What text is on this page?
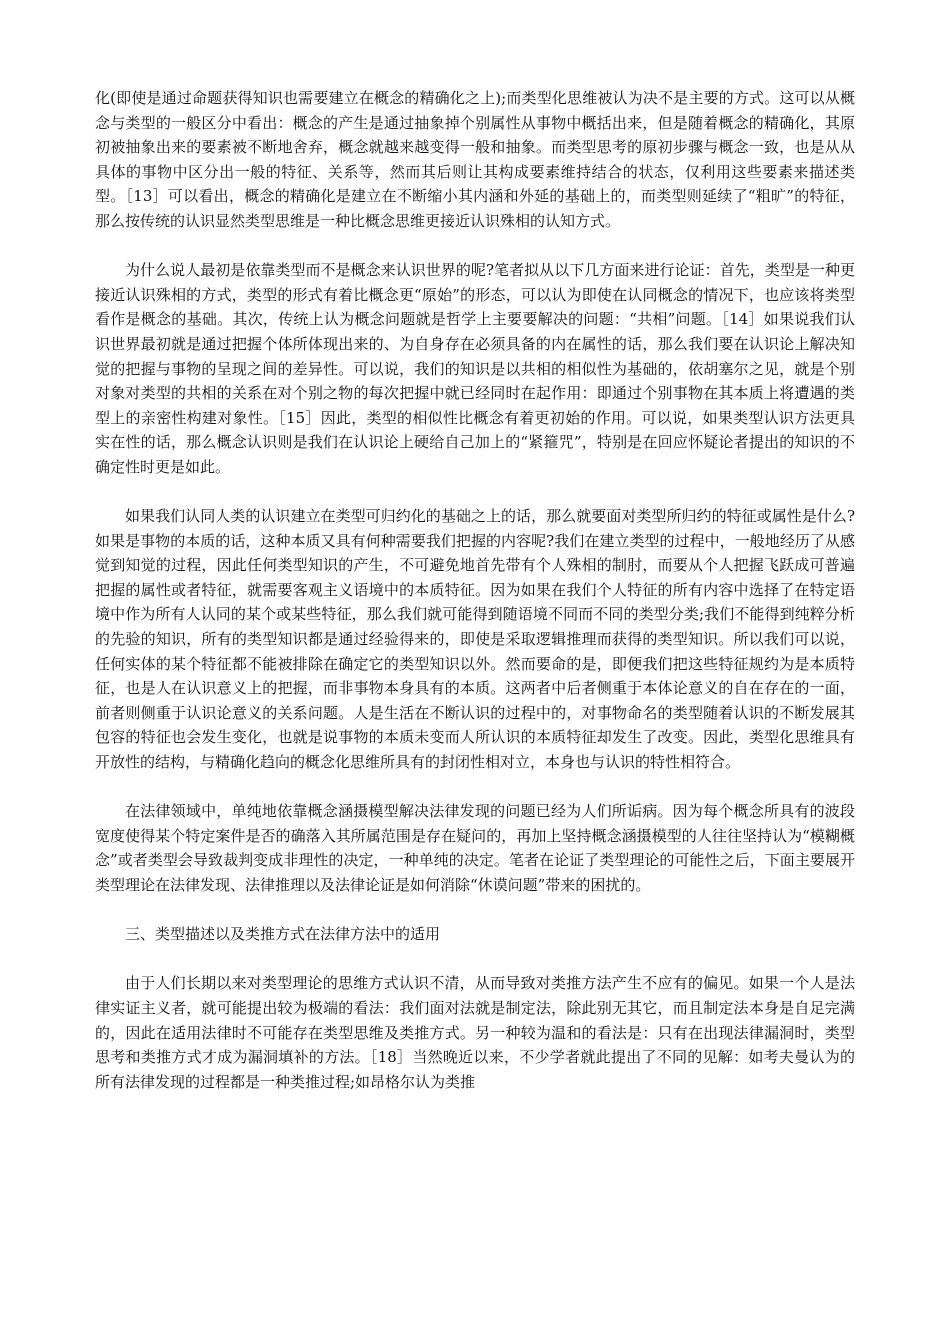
化(即使是通过命题获得知识也需要建立在概念的精确化之上);而类型化思维被认为决不是主要的方式。这可以从概念与类型的一般区分中看出：概念的产生是通过抽象掉个别属性从事物中概括出来，但是随着概念的精确化，其原初被抽象出来的要素被不断地舍弃，概念就越来越变得一般和抽象。而类型思考的原初步骤与概念一致，也是从从具体的事物中区分出一般的特征、关系等，然而其后则让其构成要素维持结合的状态，仅利用这些要素来描述类型。［13］可以看出，概念的精确化是建立在不断缩小其内涵和外延的基础上的，而类型则延续了“粗旷”的特征，那么按传统的认识显然类型思维是一种比概念思维更接近认识殊相的认知方式。

为什么说人最初是依靠类型而不是概念来认识世界的呢?笔者拟从以下几方面来进行论证：首先，类型是一种更接近认识殊相的方式，类型的形式有着比概念更“原始”的形态，可以认为即使在认同概念的情况下，也应该将类型看作是概念的基础。其次，传统上认为概念问题就是哲学上主要要解决的问题：“共相”问题。［14］如果说我们认识世界最初就是通过把握个体所体现出来的、为自身存在必须具备的内在属性的话，那么我们要在认识论上解决知觉的把握与事物的呈现之间的差异性。可以说，我们的知识是以共相的相似性为基础的，依胡塞尔之见，就是个别对象对类型的共相的关系在对个别之物的每次把握中就已经同时在起作用：即通过个别事物在其本质上将遭遇的类型上的亲密性构建对象性。［15］因此，类型的相似性比概念有着更初始的作用。可以说，如果类型认识方法更具实在性的话，那么概念认识则是我们在认识论上硬给自己加上的“紧箍咒”，特别是在回应怀疑论者提出的知识的不确定性时更是如此。

如果我们认同人类的认识建立在类型可归约化的基础之上的话，那么就要面对类型所归约的特征或属性是什么?如果是事物的本质的话，这种本质又具有何种需要我们把握的内容呢?我们在建立类型的过程中，一般地经历了从感觉到知觉的过程，因此任何类型知识的产生，不可避免地首先带有个人殊相的制肘，而要从个人把握飞跃成可普遍把握的属性或者特征，就需要客观主义语境中的本质特征。因为如果在我们个人特征的所有内容中选择了在特定语境中作为所有人认同的某个或某些特征，那么我们就可能得到随语境不同而不同的类型分类;我们不能得到纯粹分析的先验的知识，所有的类型知识都是通过经验得来的，即使是采取逻辑推理而获得的类型知识。所以我们可以说，任何实体的某个特征都不能被排除在确定它的类型知识以外。然而要命的是，即便我们把这些特征规约为是本质特征，也是人在认识意义上的把握，而非事物本身具有的本质。这两者中后者侧重于本体论意义的自在存在的一面，前者则侧重于认识论意义的关系问题。人是生活在不断认识的过程中的，对事物命名的类型随着认识的不断发展其包容的特征也会发生变化，也就是说事物的本质未变而人所认识的本质特征却发生了改变。因此，类型化思维具有开放性的结构，与精确化趋向的概念化思维所具有的封闭性相对立，本身也与认识的特性相符合。

在法律领域中，单纯地依靠概念涵摄模型解决法律发现的问题已经为人们所诟病。因为每个概念所具有的波段宽度使得某个特定案件是否的确落入其所属范围是存在疑问的，再加上坚持概念涵摄模型的人往往坚持认为“模糊概念”或者类型会导致裁判变成非理性的决定，一种单纯的决定。笔者在论证了类型理论的可能性之后，下面主要展开类型理论在法律发现、法律推理以及法律论证是如何消除“休谟问题”带来的困扰的。

三、类型描述以及类推方式在法律方法中的适用

由于人们长期以来对类型理论的思维方式认识不清，从而导致对类推方法产生不应有的偏见。如果一个人是法律实证主义者，就可能提出较为极端的看法：我们面对法就是制定法，除此别无其它，而且制定法本身是自足完满的，因此在适用法律时不可能存在类型思维及类推方式。另一种较为温和的看法是：只有在出现法律漏洞时，类型思考和类推方式才成为漏洞填补的方法。［18］当然晚近以来，不少学者就此提出了不同的见解：如考夫曼认为的所有法律发现的过程都是一种类推过程;如昂格尔认为类推
